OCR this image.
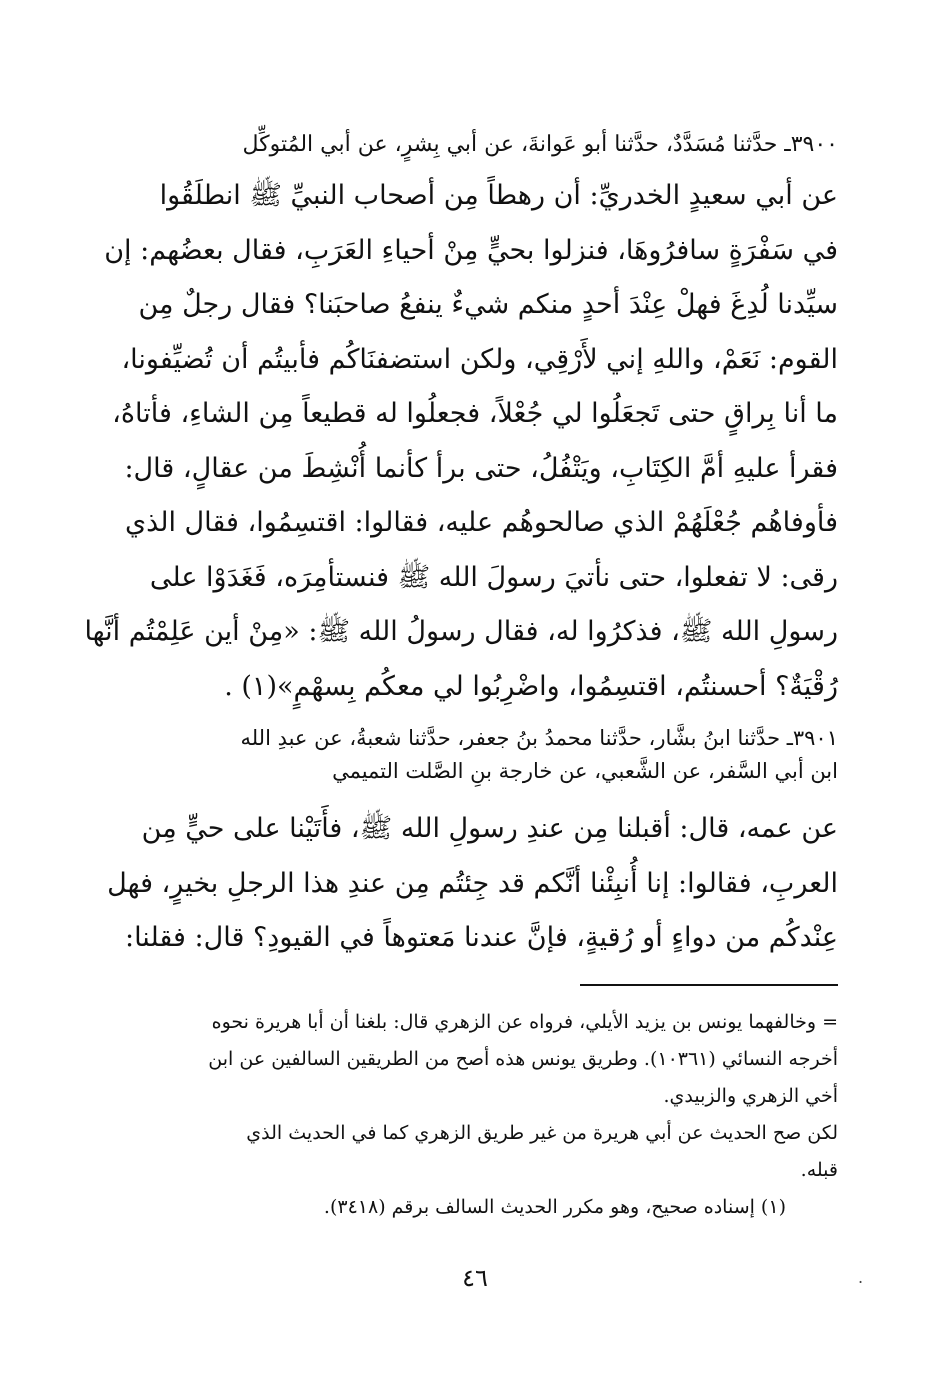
٣٩٠٠ـ حدَّثنا مُسَدَّدٌ، حدَّثنا أبو عَوانةَ، عن أبي بِشرٍ، عن أبي المُتوكِّل
عن أبي سعيدٍ الخدريِّ: أن رهطاً مِن أصحاب النبيِّ ﷺ انطلَقُوا
في سَفْرَةٍ سافرُوهَا، فنزلوا بحيٍّ مِنْ أحياءِ العَرَبِ، فقال بعضُهم: إن
سيِّدنا لُدِغَ فهلْ عِنْدَ أحدٍ منكم شيءٌ ينفعُ صاحبَنا؟ فقال رجلٌ مِن
القوم: نَعَمْ، واللهِ إني لأَرْقِي، ولكن استضفنَاكُم فأبيتُم أن تُضيِّفونا،
ما أنا بِراقٍ حتى تَجعَلُوا لي جُعْلاً، فجعلُوا له قطيعاً مِن الشاءِ، فأتاهُ،
فقرأ عليهِ أمَّ الكِتَابِ، ويَتْفُلُ، حتى برأ كأنما أُنْشِطَ من عقالٍ، قال:
فأوفاهُم جُعْلَهُمْ الذي صالحوهُم عليه، فقالوا: اقتسِمُوا، فقال الذي
رقى: لا تفعلوا، حتى نأتيَ رسولَ الله ﷺ فنستأمِرَه، فَغَدَوْا على
رسولِ الله ﷺ، فذكرُوا له، فقال رسولُ الله ﷺ: «مِنْ أين عَلِمْتُم أنَّها
رُقْيَةٌ؟ أحسنتُم، اقتسِمُوا، واضْرِبُوا لي معكُم بِسهْمٍ»(١) .
٣٩٠١ـ حدَّثنا ابنُ بشَّار، حدَّثنا محمدُ بنُ جعفر، حدَّثنا شعبةُ، عن عبدِ الله
ابن أبي السَّفر، عن الشَّعبي، عن خارجة بنِ الصَّلت التميمي
عن عمه، قال: أقبلنا مِن عندِ رسولِ الله ﷺ، فأَتَيْنا على حيٍّ مِن
العربِ، فقالوا: إنا أُنبِئْنا أنَّكم قد جِئتُم مِن عندِ هذا الرجلِ بخيرٍ، فهل
عِنْدكُم من دواءٍ أو رُقيةٍ، فإنَّ عندنا مَعتوهاً في القيودِ؟ قال: فقلنا:
= وخالفهما يونس بن يزيد الأيلي، فرواه عن الزهري قال: بلغنا أن أبا هريرة نحوه
أخرجه النسائي (١٠٣٦١). وطريق يونس هذه أصح من الطريقين السالفين عن ابن
أخي الزهري والزبيدي.
لكن صح الحديث عن أبي هريرة من غير طريق الزهري كما في الحديث الذي
قبله.
(١) إسناده صحيح، وهو مكرر الحديث السالف برقم (٣٤١٨).
٤٦	.
